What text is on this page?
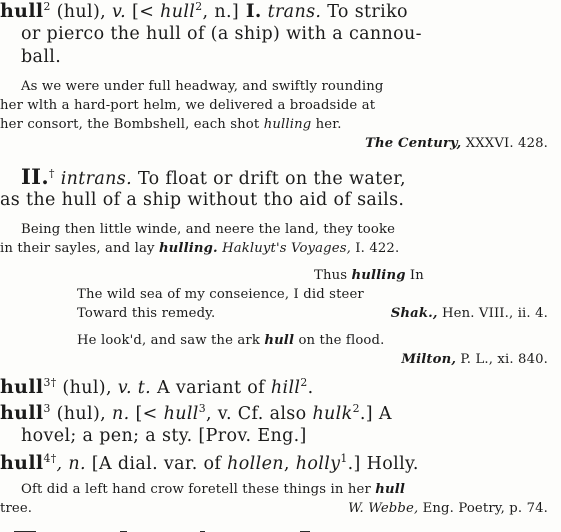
hull$^2$ (hul), v. [< hull$^2$, n.] I. trans. To striko
or pierco the hull of (a ship) with a cannou-
ball.
As we were under full headway, and swiftly rounding
her wlth a hard-port helm, we delivered a broadside at
her consort, the Bombshell, each shot hulling her.
The Century, XXXVI. 428.
II.† intrans. To float or drift on the water,
as the hull of a ship without tho aid of sails.
Being then little winde, and neere the land, they tooke
in their sayles, and lay hulling. Hakluyt's Voyages, I. 422.
Thus hulling In
The wild sea of my conseience, I did steer
Toward this remedy.	Shak., Hen. VIII., ii. 4.
He look'd, and saw the ark hull on the flood.
Milton, P. L., xi. 840.
hull$^{3\dagger}$ (hul), v. t. A variant of hill$^2$.
hull$^3$ (hul), n. [< hull$^3$, v. Cf. also hulk$^2$.] A
hovel; a pen; a sty. [Prov. Eng.]
hull$^{4\dagger}$, n. [A dial. var. of hollen, holly$^1$.] Holly.
Oft did a left hand crow foretell these things in her hull
tree.	W. Webbe, Eng. Poetry, p. 74.
